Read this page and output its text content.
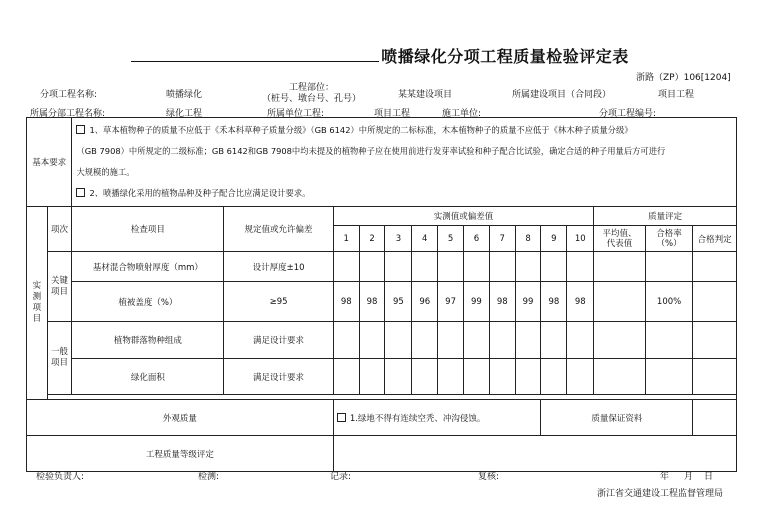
喷播绿化分项工程质量检验评定表
浙路（ZP）106[1204]
分项工程名称:	喷播绿化
工程部位：
（桩号、墩台号、孔号）	某某建设项目	所属建设项目（合同段）	项目工程
所属分部工程名称:	绿化工程	所属单位工程:	项目工程	施工单位:	分项工程编号:
基本要求		1、草本植物种子的质量不应低于《禾本科草种子质量分级》（GB 6142）中所规定的二标标准，木本植物种子的质量不应低于《林木种子质量分级》
（GB 7908）中所规定的二级标准；GB 6142和GB 7908中均未提及的植物种子应在使用前进行发芽率试验和种子配合比试验，确定合适的种子用量后方可进行
大规模的施工。
2、喷播绿化采用的植物品种及种子配合比应满足设计要求。														

实测项目	项次	检查项目	规定值或允许偏差	实测值或偏差值										质量评定		
				1	2	3	4	5	6	7	8	9	10	平均值、代表值	合格率（%）	合格判定

	关键项目	基材混合物喷射厚度（mm）	设计厚度±10													
		植被盖度（%）	≥95	98	98	95	96	97	99	98	99	98	98		100%	

	一般项目	植物群落物种组成	满足设计要求													
		绿化面积	满足设计要求													

外观质量				1.绿地不得有连续空秃、冲沟侵蚀。								质量保证资料				
工程质量等级评定																
检验负责人:	检测:	记录:	复核:	年 月 日
浙江省交通建设工程监督管理局
